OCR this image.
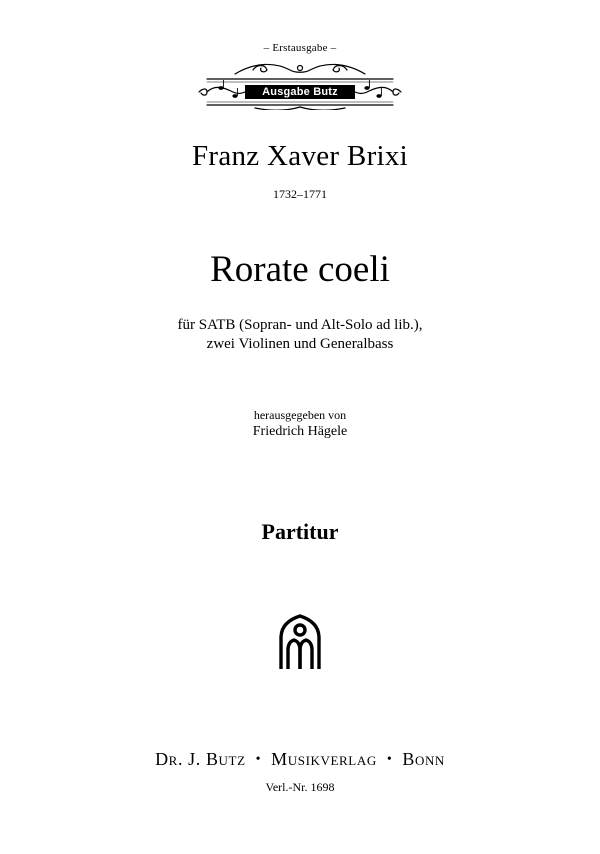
– Erstausgabe –
Ausgabe Butz
Franz Xaver Brixi
1732–1771
Rorate coeli
für SATB (Sopran- und Alt-Solo ad lib.),
zwei Violinen und Generalbass
herausgegeben von
Friedrich Hägele
Partitur
Dr. J. Butz • Musikverlag • Bonn
Verl.-Nr. 1698
